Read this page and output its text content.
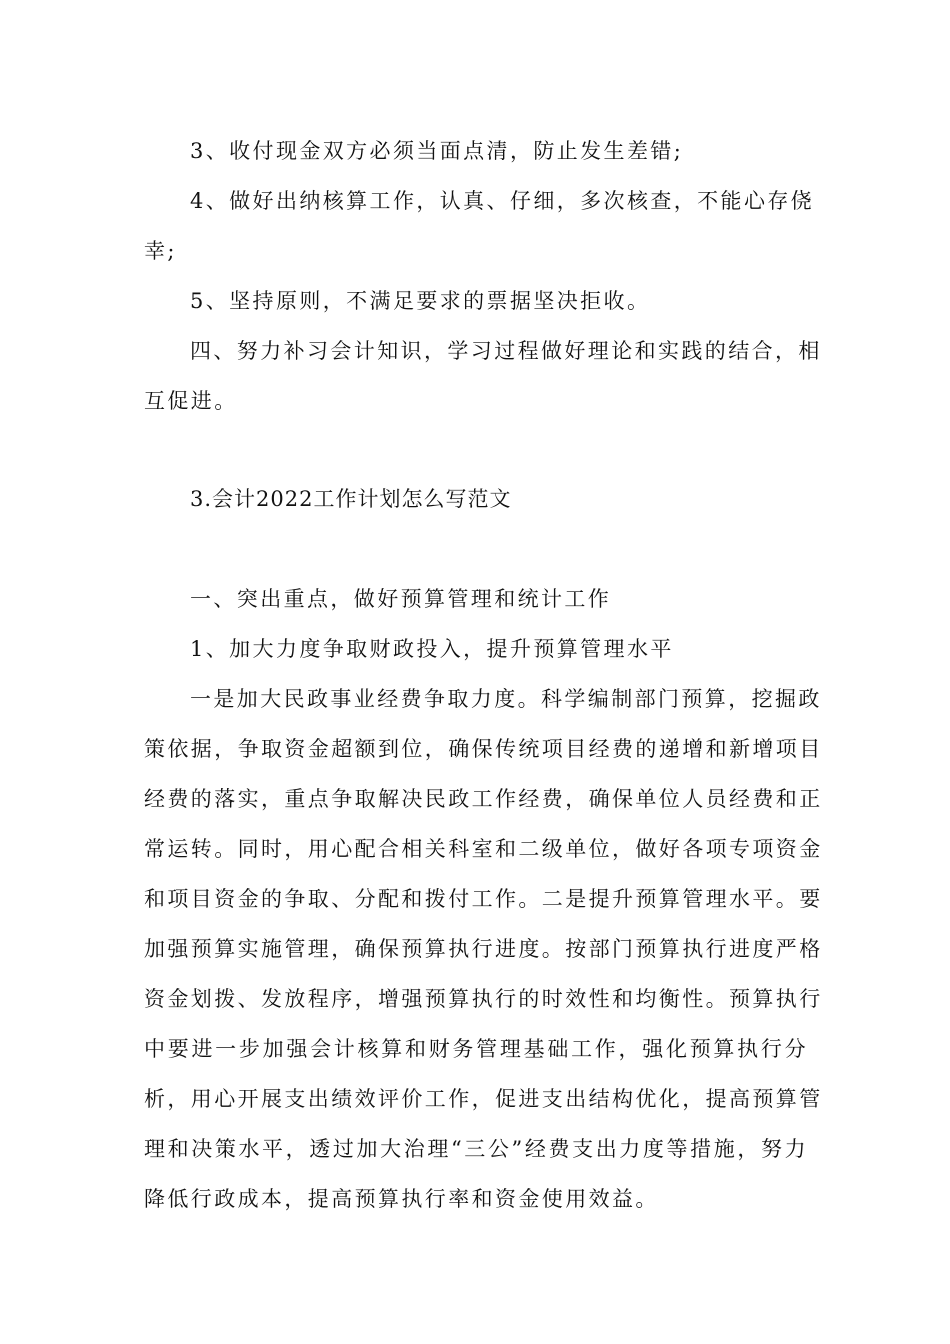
3、收付现金双方必须当面点清，防止发生差错;

4、做好出纳核算工作，认真、仔细，多次核查，不能心存侥

幸;

5、坚持原则，不满足要求的票据坚决拒收。

四、努力补习会计知识，学习过程做好理论和实践的结合，相

互促进。

3.会计2022工作计划怎么写范文

一、突出重点，做好预算管理和统计工作

1、加大力度争取财政投入，提升预算管理水平

一是加大民政事业经费争取力度。科学编制部门预算，挖掘政

策依据，争取资金超额到位，确保传统项目经费的递增和新增项目

经费的落实，重点争取解决民政工作经费，确保单位人员经费和正

常运转。同时，用心配合相关科室和二级单位，做好各项专项资金

和项目资金的争取、分配和拨付工作。二是提升预算管理水平。要

加强预算实施管理，确保预算执行进度。按部门预算执行进度严格

资金划拨、发放程序，增强预算执行的时效性和均衡性。预算执行

中要进一步加强会计核算和财务管理基础工作，强化预算执行分

析，用心开展支出绩效评价工作，促进支出结构优化，提高预算管

理和决策水平，透过加大治理“三公”经费支出力度等措施，努力

降低行政成本，提高预算执行率和资金使用效益。
